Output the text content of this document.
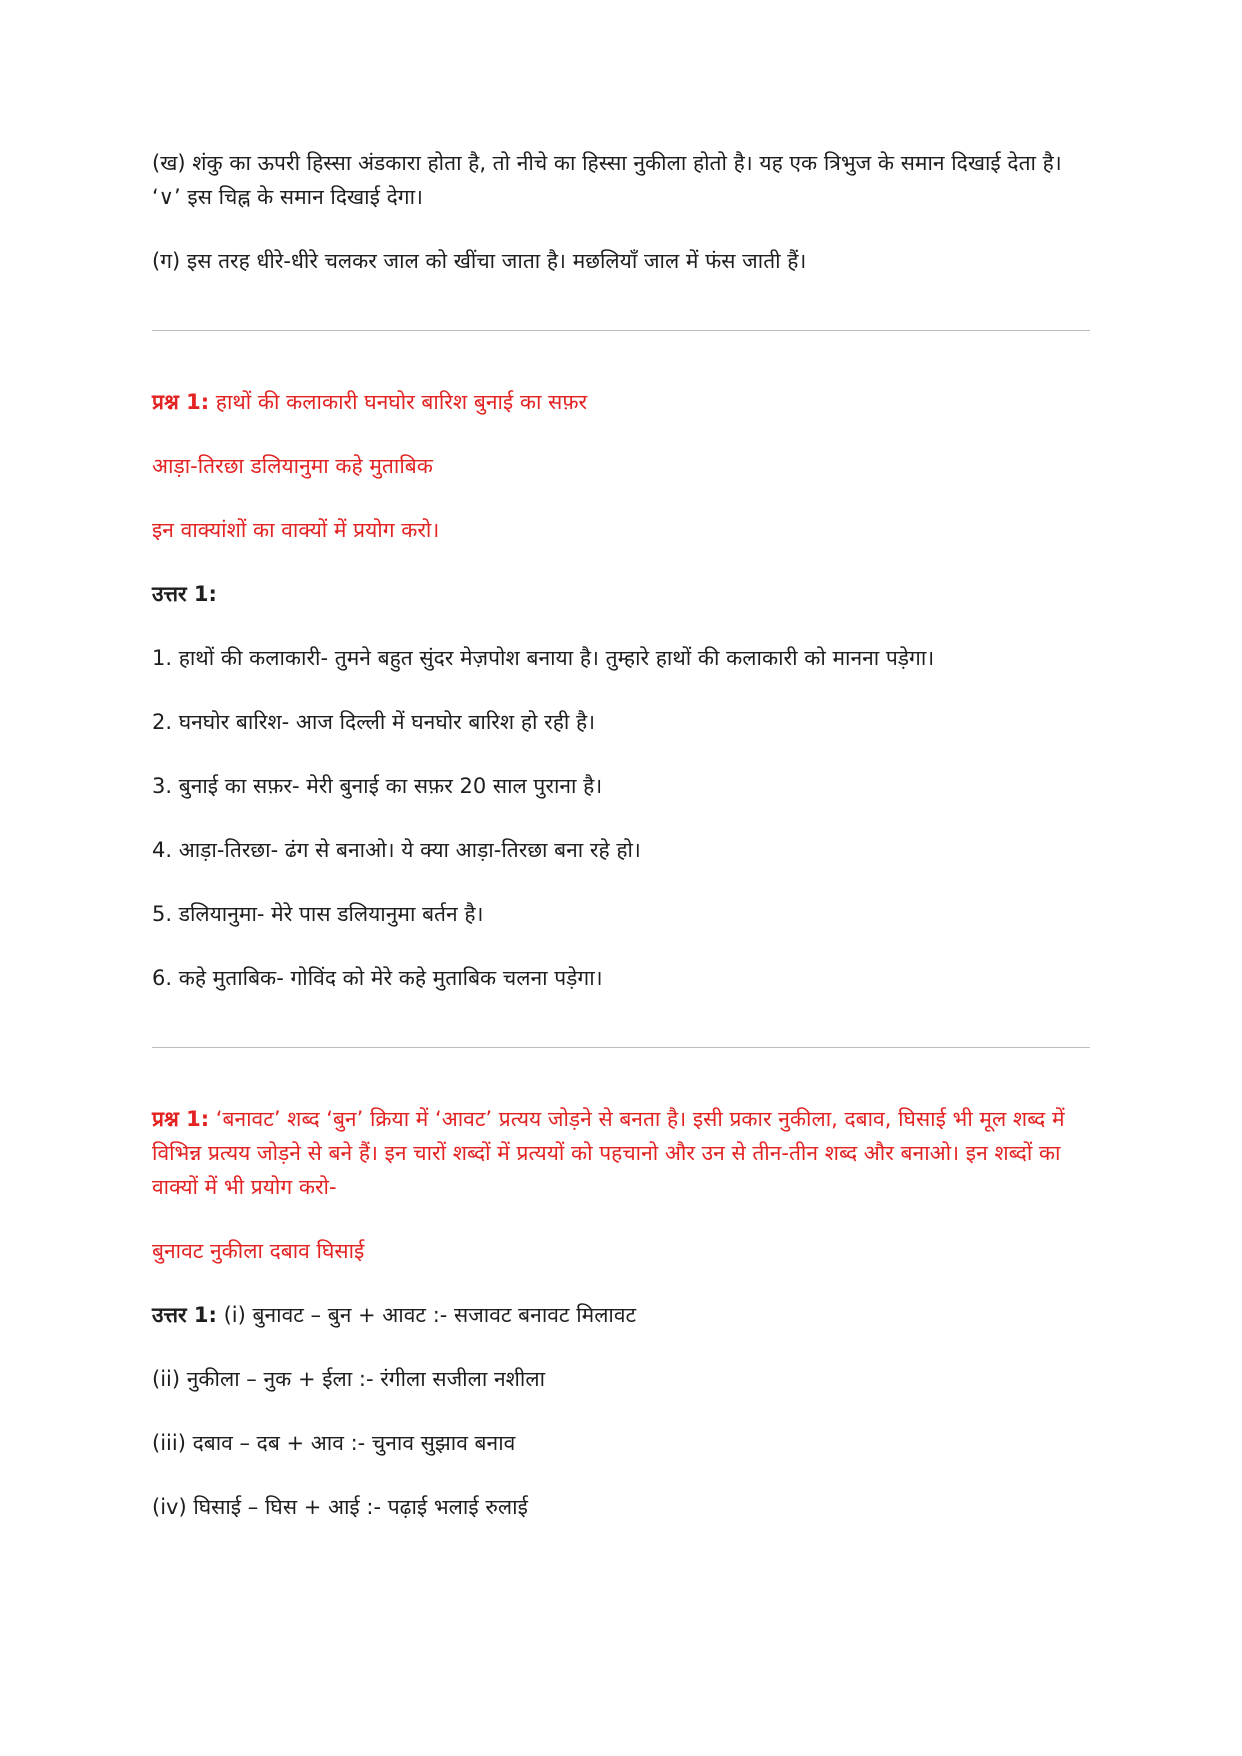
(ख) शंकु का ऊपरी हिस्सा अंडकारा होता है, तो नीचे का हिस्सा नुकीला होतो है। यह एक त्रिभुज के समान दिखाई देता है। ‘∨’ इस चिह्न के समान दिखाई देगा।

(ग) इस तरह धीरे-धीरे चलकर जाल को खींचा जाता है। मछलियाँ जाल में फंस जाती हैं।

प्रश्न 1: हाथों की कलाकारी घनघोर बारिश बुनाई का सफ़र

आड़ा-तिरछा डलियानुमा कहे मुताबिक

इन वाक्यांशों का वाक्यों में प्रयोग करो।

उत्तर 1:

1. हाथों की कलाकारी- तुमने बहुत सुंदर मेज़पोश बनाया है। तुम्हारे हाथों की कलाकारी को मानना पड़ेगा।

2. घनघोर बारिश- आज दिल्ली में घनघोर बारिश हो रही है।

3. बुनाई का सफ़र- मेरी बुनाई का सफ़र 20 साल पुराना है।

4. आड़ा-तिरछा- ढंग से बनाओ। ये क्या आड़ा-तिरछा बना रहे हो।

5. डलियानुमा- मेरे पास डलियानुमा बर्तन है।

6. कहे मुताबिक- गोविंद को मेरे कहे मुताबिक चलना पड़ेगा।

प्रश्न 1: ‘बनावट’ शब्द ‘बुन’ क्रिया में ‘आवट’ प्रत्यय जोड़ने से बनता है। इसी प्रकार नुकीला, दबाव, घिसाई भी मूल शब्द में विभिन्न प्रत्यय जोड़ने से बने हैं। इन चारों शब्दों में प्रत्ययों को पहचानो और उन से तीन-तीन शब्द और बनाओ। इन शब्दों का वाक्यों में भी प्रयोग करो-

बुनावट नुकीला दबाव घिसाई

उत्तर 1: (i) बुनावट – बुन + आवट :- सजावट बनावट मिलावट

(ii) नुकीला – नुक + ईला :- रंगीला सजीला नशीला

(iii) दबाव – दब + आव :- चुनाव सुझाव बनाव

(iv) घिसाई – घिस + आई :- पढ़ाई भलाई रुलाई
